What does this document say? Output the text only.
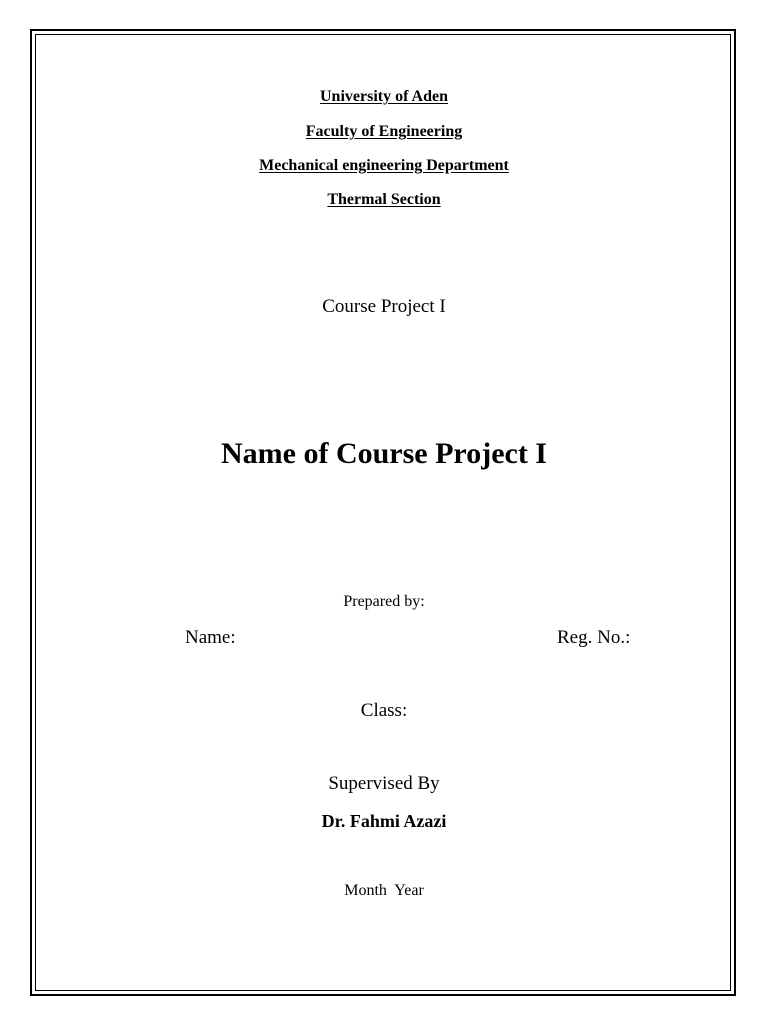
University of Aden
Faculty of Engineering
Mechanical engineering Department
Thermal Section
Course Project I
Name of Course Project I
Prepared by:
Name:	Reg. No.:
Class:
Supervised By
Dr. Fahmi Azazi
Month  Year
